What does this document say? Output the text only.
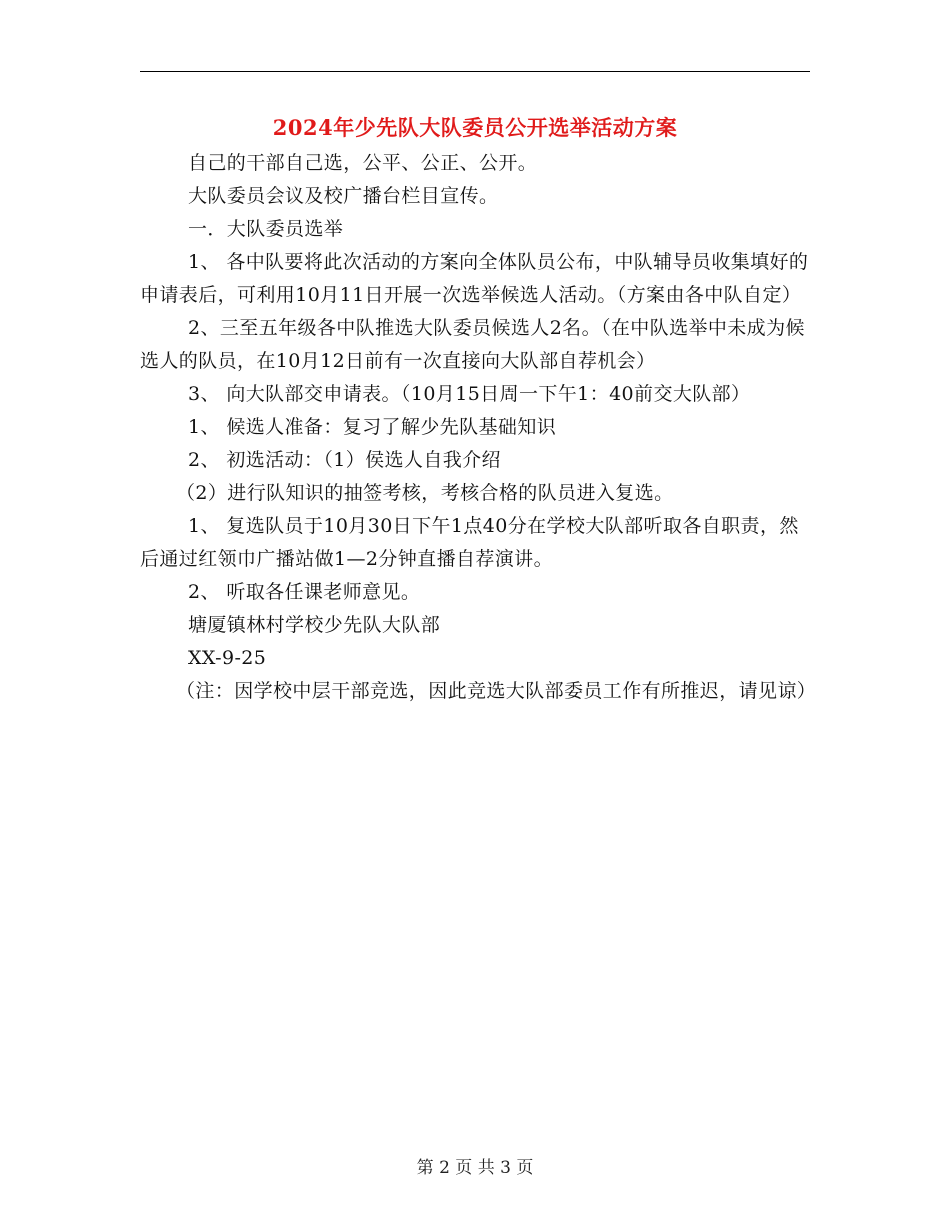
2024年少先队大队委员公开选举活动方案

自己的干部自己选，公平、公正、公开。

大队委员会议及校广播台栏目宣传。

一．大队委员选举

1、 各中队要将此次活动的方案向全体队员公布，中队辅导员收集填好的申请表后，可利用10月11日开展一次选举候选人活动。（方案由各中队自定）

2、三至五年级各中队推选大队委员候选人2名。（在中队选举中未成为候选人的队员，在10月12日前有一次直接向大队部自荐机会）

3、 向大队部交申请表。（10月15日周一下午1：40前交大队部）

1、 候选人准备：复习了解少先队基础知识

2、 初选活动：（1）侯选人自我介绍

（2）进行队知识的抽签考核，考核合格的队员进入复选。

1、 复选队员于10月30日下午1点40分在学校大队部听取各自职责，然后通过红领巾广播站做1—2分钟直播自荐演讲。

2、 听取各任课老师意见。

塘厦镇林村学校少先队大队部

XX-9-25

（注：因学校中层干部竞选，因此竞选大队部委员工作有所推迟，请见谅）

第 2 页 共 3 页
